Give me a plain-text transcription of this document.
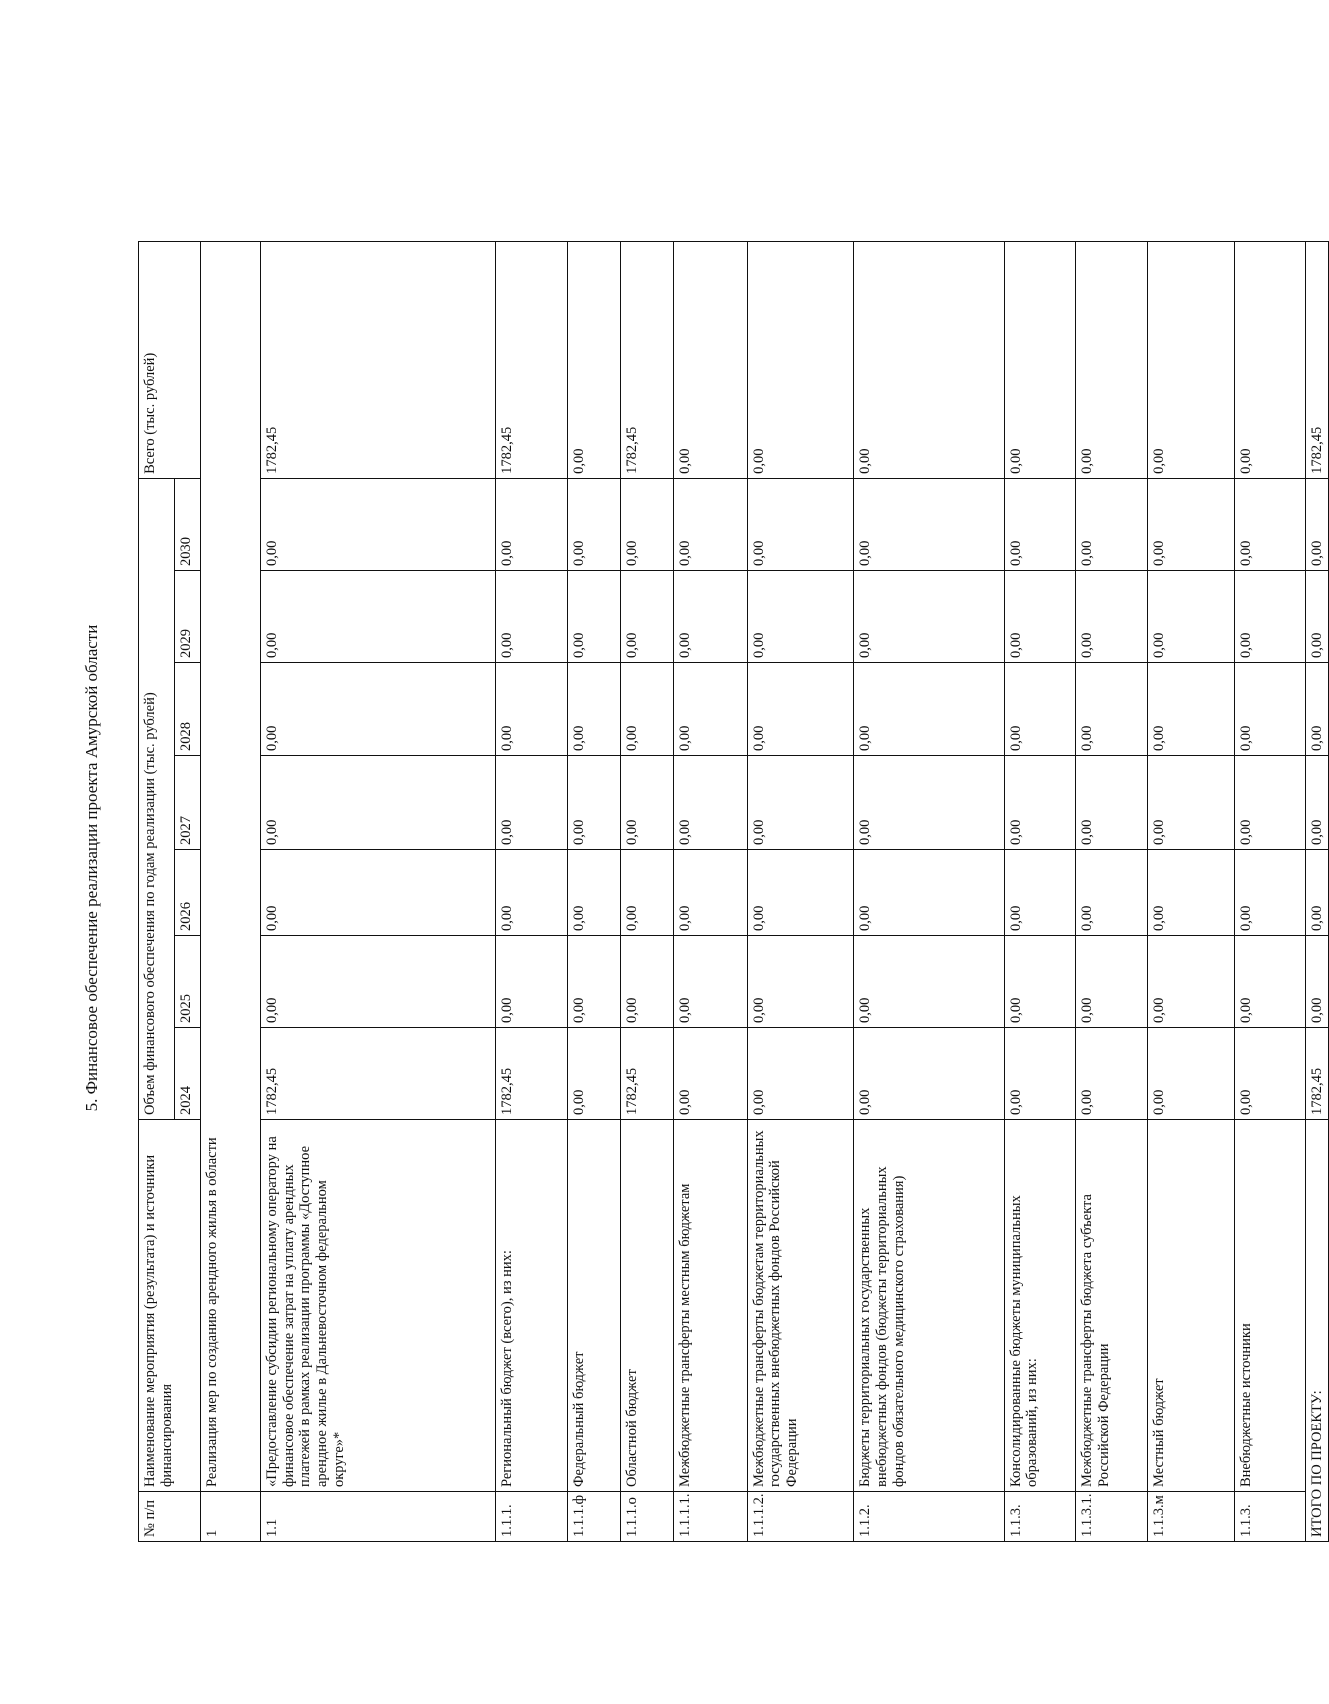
5. Финансовое обеспечение реализации проекта Амурской области
№ п/п	Наименование мероприятия (результата) и источники финансирования	Объем финансового обеспечения по годам реализации (тыс. рублей)							Всего (тыс. рублей)
		2024	2025	2026	2027	2028	2029	2030	
1	Реализация мер по созданию арендного жилья в области								
1.1	«Предоставление субсидии региональному оператору на финансовое обеспечение затрат на уплату арендных платежей в рамках реализации программы «Доступное арендное жилье в Дальневосточном федеральном округе»*	1782,45	0,00	0,00	0,00	0,00	0,00	0,00	1782,45
1.1.1.	Региональный бюджет (всего), из них:	1782,45	0,00	0,00	0,00	0,00	0,00	0,00	1782,45
1.1.1.ф	Федеральный бюджет	0,00	0,00	0,00	0,00	0,00	0,00	0,00	0,00
1.1.1.о	Областной бюджет	1782,45	0,00	0,00	0,00	0,00	0,00	0,00	1782,45
1.1.1.1.	Межбюджетные трансферты местным бюджетам	0,00	0,00	0,00	0,00	0,00	0,00	0,00	0,00
1.1.1.2.	Межбюджетные трансферты бюджетам территориальных государственных внебюджетных фондов Российской Федерации	0,00	0,00	0,00	0,00	0,00	0,00	0,00	0,00
1.1.2.	Бюджеты территориальных государственных внебюджетных фондов (бюджеты территориальных фондов обязательного медицинского страхования)	0,00	0,00	0,00	0,00	0,00	0,00	0,00	0,00
1.1.3.	Консолидированные бюджеты муниципальных образований, из них:	0,00	0,00	0,00	0,00	0,00	0,00	0,00	0,00
1.1.3.1.	Межбюджетные трансферты бюджета субъекта Российской Федерации	0,00	0,00	0,00	0,00	0,00	0,00	0,00	0,00
1.1.3.м	Местный бюджет	0,00	0,00	0,00	0,00	0,00	0,00	0,00	0,00
1.1.3.	Внебюджетные источники	0,00	0,00	0,00	0,00	0,00	0,00	0,00	0,00
ИТОГО ПО ПРОЕКТУ:		1782,45	0,00	0,00	0,00	0,00	0,00	0,00	1782,45
